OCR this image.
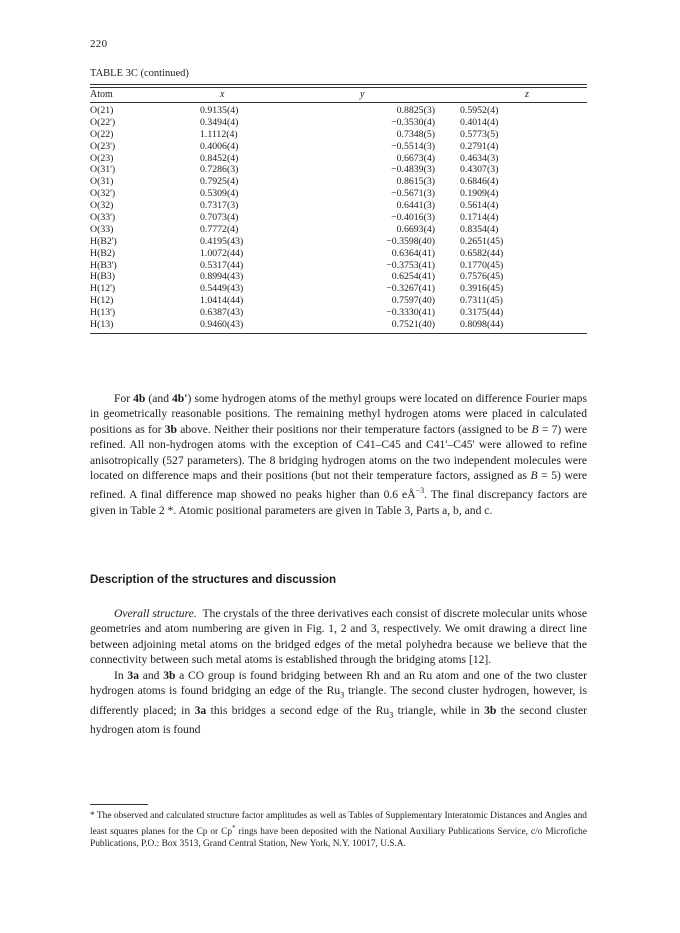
220
TABLE 3C (continued)
Atom	x	y	z
O(21)	0.9135(4)	0.8825(3)	0.5952(4)
O(22')	0.3494(4)	−0.3530(4)	0.4014(4)
O(22)	1.1112(4)	0.7348(5)	0.5773(5)
O(23')	0.4006(4)	−0.5514(3)	0.2791(4)
O(23)	0.8452(4)	0.6673(4)	0.4634(3)
O(31')	0.7286(3)	−0.4839(3)	0.4307(3)
O(31)	0.7925(4)	0.8615(3)	0.6846(4)
O(32')	0.5309(4)	−0.5671(3)	0.1909(4)
O(32)	0.7317(3)	0.6441(3)	0.5614(4)
O(33')	0.7073(4)	−0.4016(3)	0.1714(4)
O(33)	0.7772(4)	0.6693(4)	0.8354(4)
H(B2')	0.4195(43)	−0.3598(40)	0.2651(45)
H(B2)	1.0072(44)	0.6364(41)	0.6582(44)
H(B3')	0.5317(44)	−0.3753(41)	0.1770(45)
H(B3)	0.8994(43)	0.6254(41)	0.7576(45)
H(12')	0.5449(43)	−0.3267(41)	0.3916(45)
H(12)	1.0414(44)	0.7597(40)	0.7311(45)
H(13')	0.6387(43)	−0.3330(41)	0.3175(44)
H(13)	0.9460(43)	0.7521(40)	0.8098(44)

For 4b (and 4b') some hydrogen atoms of the methyl groups were located on difference Fourier maps in geometrically reasonable positions. The remaining methyl hydrogen atoms were placed in calculated positions as for 3b above. Neither their positions nor their temperature factors (assigned to be B = 7) were refined. All non-hydrogen atoms with the exception of C41–C45 and C41'–C45' were allowed to refine anisotropically (527 parameters). The 8 bridging hydrogen atoms on the two independent molecules were located on difference maps and their positions (but not their temperature factors, assigned as B = 5) were refined. A final difference map showed no peaks higher than 0.6 $eÅ^{-3}$. The final discrepancy factors are given in Table 2 *. Atomic positional parameters are given in Table 3, Parts a, b, and c.

Description of the structures and discussion

Overall structure.  The crystals of the three derivatives each consist of discrete molecular units whose geometries and atom numbering are given in Fig. 1, 2 and 3, respectively. We omit drawing a direct line between adjoining metal atoms on the bridged edges of the metal polyhedra because we believe that the connectivity between such metal atoms is established through the bridging atoms [12].

In 3a and 3b a CO group is found bridging between Rh and an Ru atom and one of the two cluster hydrogen atoms is found bridging an edge of the $Ru_3$ triangle. The second cluster hydrogen, however, is differently placed; in 3a this bridges a second edge of the $Ru_3$ triangle, while in 3b the second cluster hydrogen atom is found

* The observed and calculated structure factor amplitudes as well as Tables of Supplementary Interatomic Distances and Angles and least squares planes for the Cp or Cp* rings have been deposited with the National Auxiliary Publications Service, c/o Microfiche Publications, P.O.: Box 3513, Grand Central Station, New York, N.Y. 10017, U.S.A.
